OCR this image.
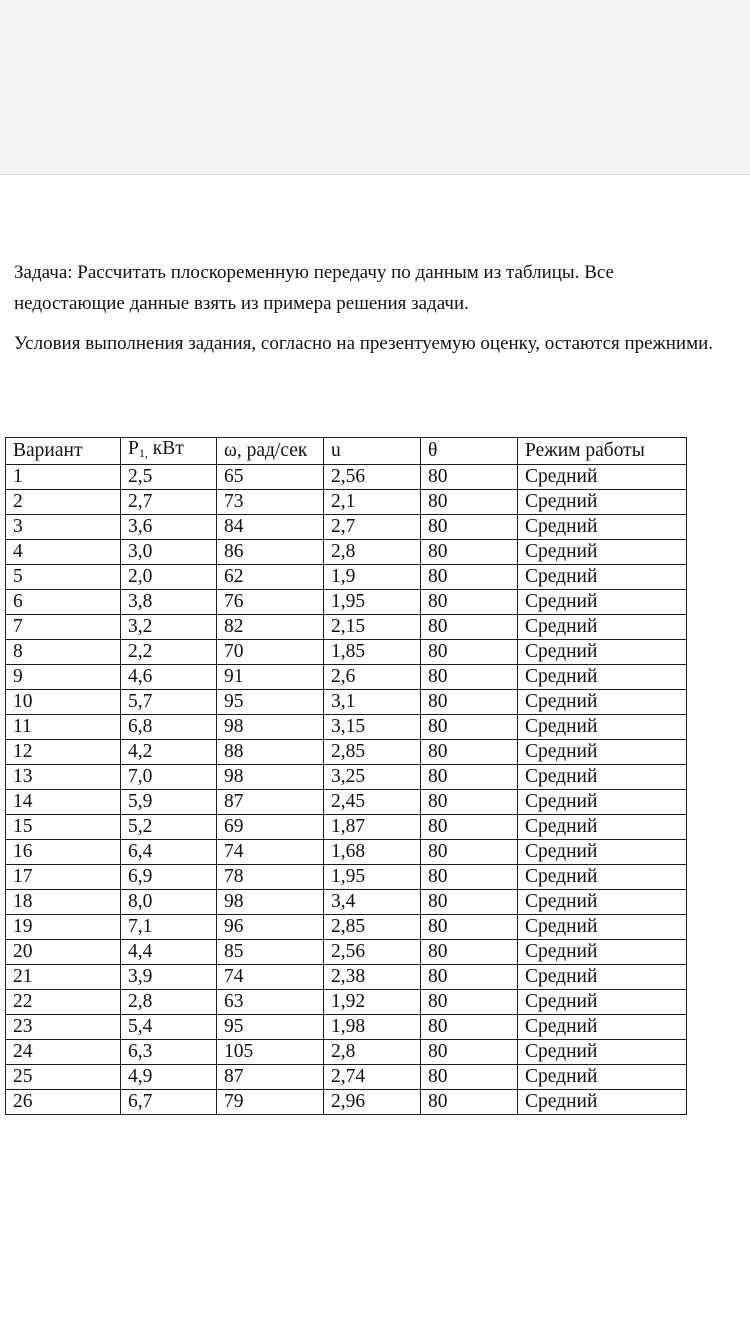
Задача: Рассчитать плоскоременную передачу по данным из таблицы. Все недостающие данные взять из примера решения задачи.

Условия выполнения задания, согласно на презентуемую оценку, остаются прежними.

Вариант	$P_{1,}$ кВт	ω, рад/сек	u	θ	Режим работы
1	2,5	65	2,56	80	Средний
2	2,7	73	2,1	80	Средний
3	3,6	84	2,7	80	Средний
4	3,0	86	2,8	80	Средний
5	2,0	62	1,9	80	Средний
6	3,8	76	1,95	80	Средний
7	3,2	82	2,15	80	Средний
8	2,2	70	1,85	80	Средний
9	4,6	91	2,6	80	Средний
10	5,7	95	3,1	80	Средний
11	6,8	98	3,15	80	Средний
12	4,2	88	2,85	80	Средний
13	7,0	98	3,25	80	Средний
14	5,9	87	2,45	80	Средний
15	5,2	69	1,87	80	Средний
16	6,4	74	1,68	80	Средний
17	6,9	78	1,95	80	Средний
18	8,0	98	3,4	80	Средний
19	7,1	96	2,85	80	Средний
20	4,4	85	2,56	80	Средний
21	3,9	74	2,38	80	Средний
22	2,8	63	1,92	80	Средний
23	5,4	95	1,98	80	Средний
24	6,3	105	2,8	80	Средний
25	4,9	87	2,74	80	Средний
26	6,7	79	2,96	80	Средний
